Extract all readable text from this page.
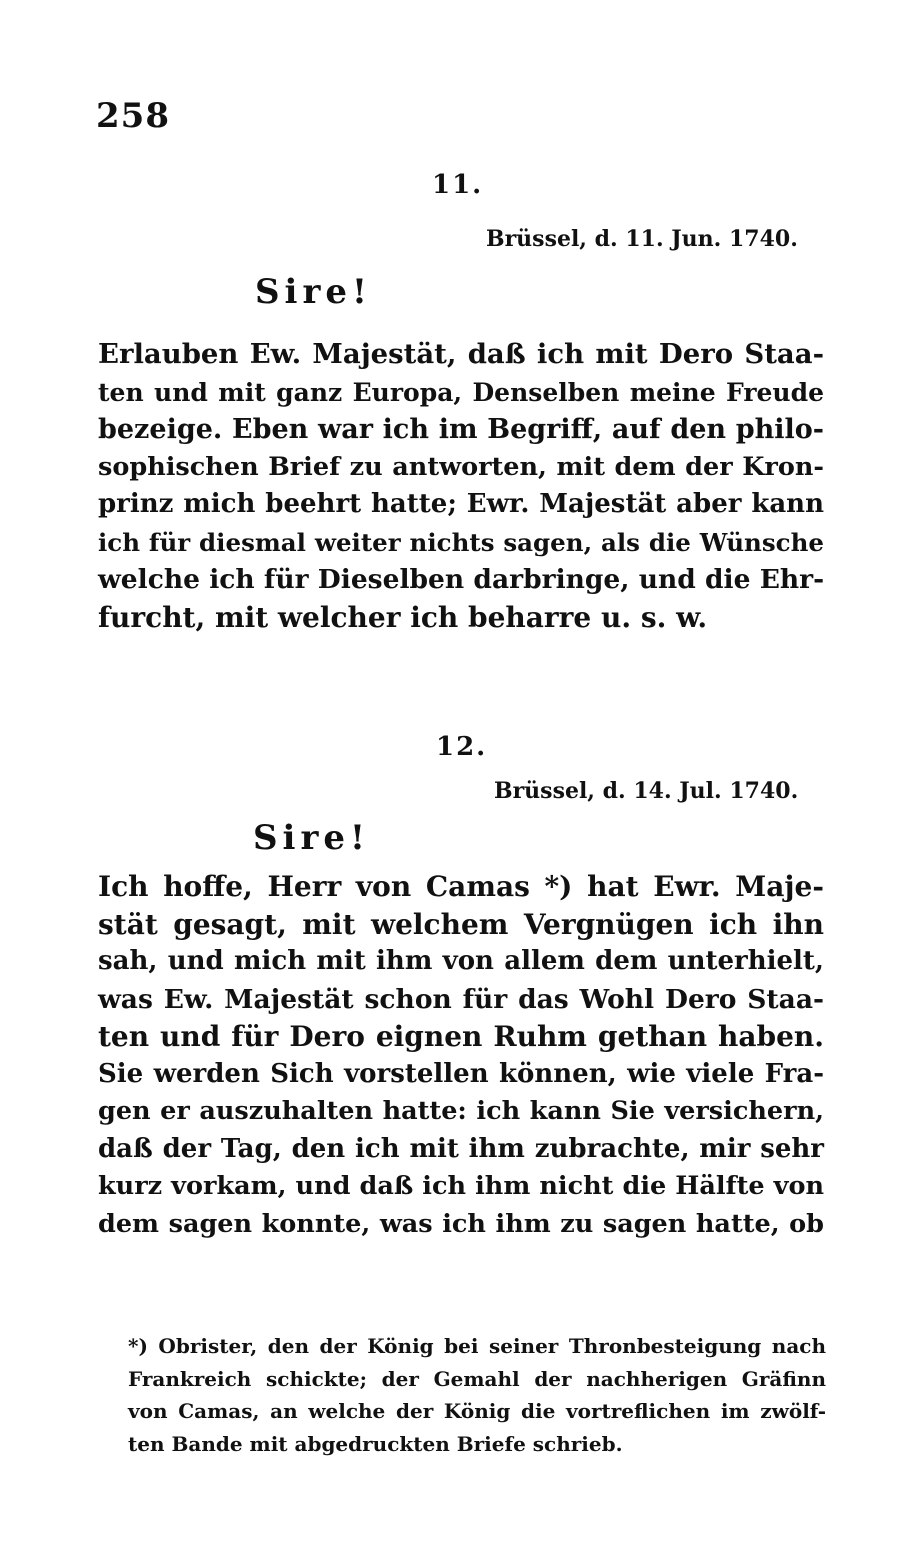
258
11.
Brüssel, d. 11. Jun. 1740.
Sire!
Erlauben Ew. Majestät, daß ich mit Dero Staa-
ten und mit ganz Europa, Denselben meine Freude
bezeige. Eben war ich im Begriff, auf den philo-
sophischen Brief zu antworten, mit dem der Kron-
prinz mich beehrt hatte; Ewr. Majestät aber kann
ich für diesmal weiter nichts sagen, als die Wünsche
welche ich für Dieselben darbringe, und die Ehr-
furcht, mit welcher ich beharre u. s. w.
12.
Brüssel, d. 14. Jul. 1740.
Sire!
Ich hoffe, Herr von Camas *) hat Ewr. Maje-
stät gesagt, mit welchem Vergnügen ich ihn
sah, und mich mit ihm von allem dem unterhielt,
was Ew. Majestät schon für das Wohl Dero Staa-
ten und für Dero eignen Ruhm gethan haben.
Sie werden Sich vorstellen können, wie viele Fra-
gen er auszuhalten hatte: ich kann Sie versichern,
daß der Tag, den ich mit ihm zubrachte, mir sehr
kurz vorkam, und daß ich ihm nicht die Hälfte von
dem sagen konnte, was ich ihm zu sagen hatte, ob
*) Obrister, den der König bei seiner Thronbesteigung nach
Frankreich schickte; der Gemahl der nachherigen Gräfinn
von Camas, an welche der König die vortreflichen im zwölf-
ten Bande mit abgedruckten Briefe schrieb.
